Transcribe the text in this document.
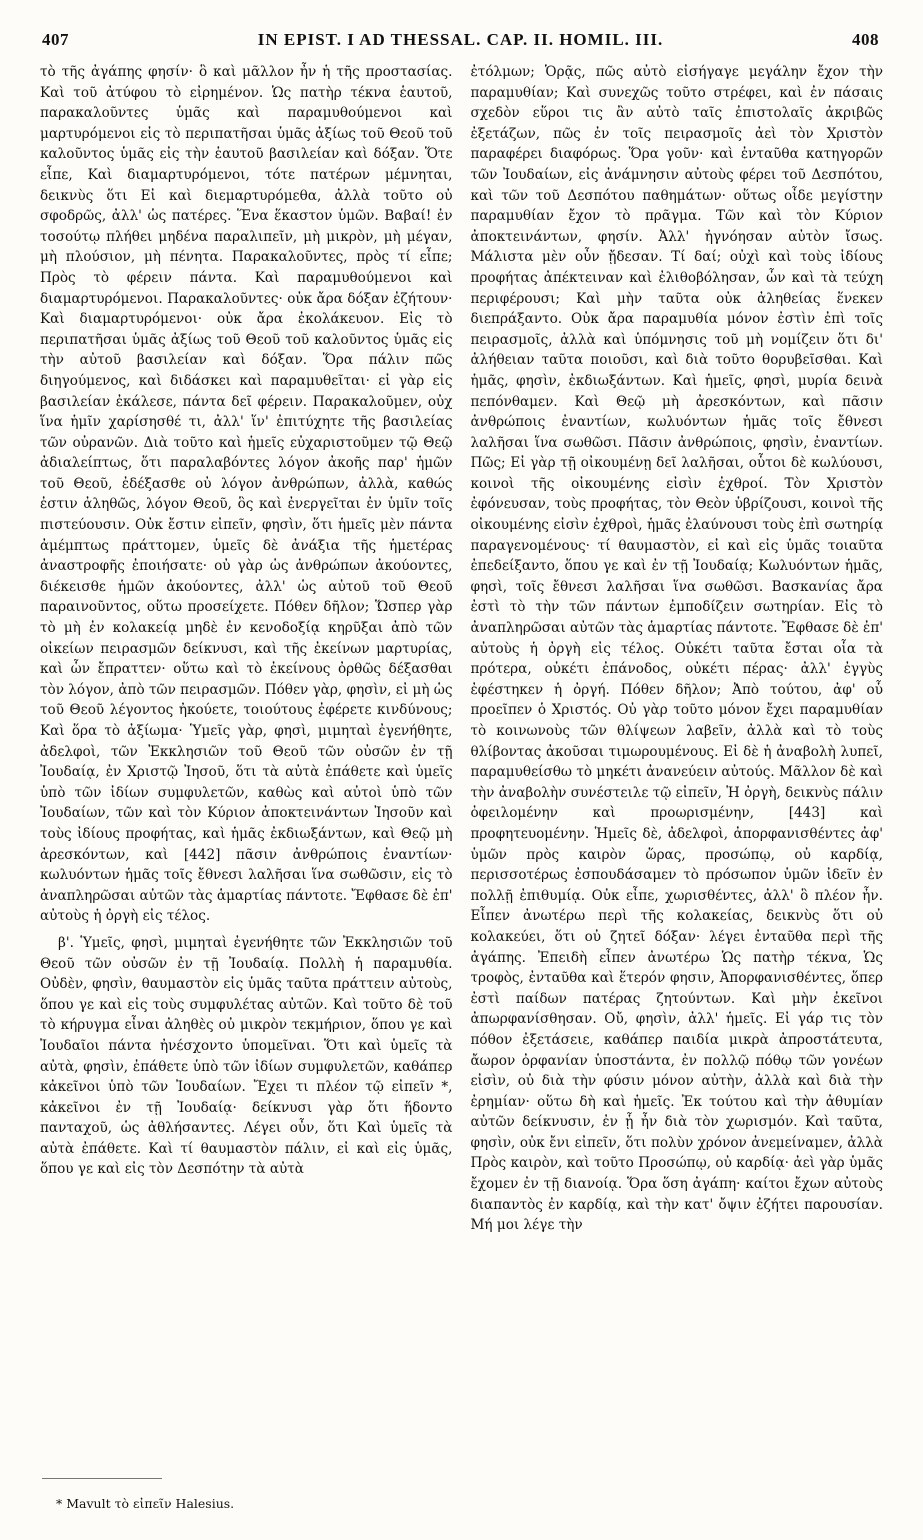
407	IN EPIST. I AD THESSAL. CAP. II. HOMIL. III.	408

τὸ τῆς ἀγάπης φησίν· ὃ καὶ μᾶλλον ἦν ἡ τῆς προστασίας. Καὶ τοῦ ἀτύφου τὸ εἰρημένον. Ὡς πατὴρ τέκνα ἑαυτοῦ, παρακαλοῦντες ὑμᾶς καὶ παραμυθούμενοι καὶ μαρτυρόμενοι εἰς τὸ περιπατῆσαι ὑμᾶς ἀξίως τοῦ Θεοῦ τοῦ καλοῦντος ὑμᾶς εἰς τὴν ἑαυτοῦ βασιλείαν καὶ δόξαν. Ὅτε εἶπε, Καὶ διαμαρτυρόμενοι, τότε πατέρων μέμνηται, δεικνὺς ὅτι Εἰ καὶ διεμαρτυρόμεθα, ἀλλὰ τοῦτο οὐ σφοδρῶς, ἀλλ' ὡς πατέρες. Ἕνα ἕκαστον ὑμῶν. Βαβαί! ἐν τοσούτῳ πλήθει μηδένα παραλιπεῖν, μὴ μικρὸν, μὴ μέγαν, μὴ πλούσιον, μὴ πένητα. Παρακαλοῦντες, πρὸς τί εἶπε; Πρὸς τὸ φέρειν πάντα. Καὶ παραμυθούμενοι καὶ διαμαρτυρόμενοι. Παρακαλοῦντες· οὐκ ἄρα δόξαν ἐζήτουν· Καὶ διαμαρτυρόμενοι· οὐκ ἄρα ἐκολάκευον. Εἰς τὸ περιπατῆσαι ὑμᾶς ἀξίως τοῦ Θεοῦ τοῦ καλοῦντος ὑμᾶς εἰς τὴν αὐτοῦ βασιλείαν καὶ δόξαν. Ὅρα πάλιν πῶς διηγούμενος, καὶ διδάσκει καὶ παραμυθεῖται· εἰ γὰρ εἰς βασιλείαν ἐκάλεσε, πάντα δεῖ φέρειν. Παρακαλοῦμεν, οὐχ ἵνα ἡμῖν χαρίσησθέ τι, ἀλλ' ἵν' ἐπιτύχητε τῆς βασιλείας τῶν οὐρανῶν. Διὰ τοῦτο καὶ ἡμεῖς εὐχαριστοῦμεν τῷ Θεῷ ἀδιαλείπτως, ὅτι παραλαβόντες λόγον ἀκοῆς παρ' ἡμῶν τοῦ Θεοῦ, ἐδέξασθε οὐ λόγον ἀνθρώπων, ἀλλὰ, καθώς ἐστιν ἀληθῶς, λόγον Θεοῦ, ὃς καὶ ἐνεργεῖται ἐν ὑμῖν τοῖς πιστεύουσιν. Οὐκ ἔστιν εἰπεῖν, φησὶν, ὅτι ἡμεῖς μὲν πάντα ἀμέμπτως πράττομεν, ὑμεῖς δὲ ἀνάξια τῆς ἡμετέρας ἀναστροφῆς ἐποιήσατε· οὐ γὰρ ὡς ἀνθρώπων ἀκούοντες, διέκεισθε ἡμῶν ἀκούοντες, ἀλλ' ὡς αὐτοῦ τοῦ Θεοῦ παραινοῦντος, οὕτω προσείχετε. Πόθεν δῆλον; Ὥσπερ γὰρ τὸ μὴ ἐν κολακείᾳ μηδὲ ἐν κενοδοξίᾳ κηρῦξαι ἀπὸ τῶν οἰκείων πειρασμῶν δείκνυσι, καὶ τῆς ἐκείνων μαρτυρίας, καὶ ὧν ἔπραττεν· οὕτω καὶ τὸ ἐκείνους ὀρθῶς δέξασθαι τὸν λόγον, ἀπὸ τῶν πειρασμῶν. Πόθεν γὰρ, φησὶν, εἰ μὴ ὡς τοῦ Θεοῦ λέγοντος ἠκούετε, τοιούτους ἐφέρετε κινδύνους; Καὶ ὅρα τὸ ἀξίωμα· Ὑμεῖς γὰρ, φησὶ, μιμηταὶ ἐγενήθητε, ἀδελφοὶ, τῶν Ἐκκλησιῶν τοῦ Θεοῦ τῶν οὐσῶν ἐν τῇ Ἰουδαίᾳ, ἐν Χριστῷ Ἰησοῦ, ὅτι τὰ αὐτὰ ἐπάθετε καὶ ὑμεῖς ὑπὸ τῶν ἰδίων συμφυλετῶν, καθὼς καὶ αὐτοὶ ὑπὸ τῶν Ἰουδαίων, τῶν καὶ τὸν Κύριον ἀποκτεινάντων Ἰησοῦν καὶ τοὺς ἰδίους προφήτας, καὶ ἡμᾶς ἐκδιωξάντων, καὶ Θεῷ μὴ ἀρεσκόντων, καὶ [442] πᾶσιν ἀνθρώποις ἐναντίων· κωλυόντων ἡμᾶς τοῖς ἔθνεσι λαλῆσαι ἵνα σωθῶσιν, εἰς τὸ ἀναπληρῶσαι αὐτῶν τὰς ἁμαρτίας πάντοτε. Ἔφθασε δὲ ἐπ' αὐτοὺς ἡ ὀργὴ εἰς τέλος.

β'. Ὑμεῖς, φησὶ, μιμηταὶ ἐγενήθητε τῶν Ἐκκλησιῶν τοῦ Θεοῦ τῶν οὐσῶν ἐν τῇ Ἰουδαίᾳ. Πολλὴ ἡ παραμυθία. Οὐδὲν, φησὶν, θαυμαστὸν εἰς ὑμᾶς ταῦτα πράττειν αὐτοὺς, ὅπου γε καὶ εἰς τοὺς συμφυλέτας αὐτῶν. Καὶ τοῦτο δὲ τοῦ τὸ κήρυγμα εἶναι ἀληθὲς οὐ μικρὸν τεκμήριον, ὅπου γε καὶ Ἰουδαῖοι πάντα ἠνέσχοντο ὑπομεῖναι. Ὅτι καὶ ὑμεῖς τὰ αὐτὰ, φησὶν, ἐπάθετε ὑπὸ τῶν ἰδίων συμφυλετῶν, καθάπερ κἀκεῖνοι ὑπὸ τῶν Ἰουδαίων. Ἔχει τι πλέον τῷ εἰπεῖν *, κἀκεῖνοι ἐν τῇ Ἰουδαίᾳ· δείκνυσι γὰρ ὅτι ἥδοντο πανταχοῦ, ὡς ἀθλήσαντες. Λέγει οὖν, ὅτι Καὶ ὑμεῖς τὰ αὐτὰ ἐπάθετε. Καὶ τί θαυμαστὸν πάλιν, εἰ καὶ εἰς ὑμᾶς, ὅπου γε καὶ εἰς τὸν Δεσπότην τὰ αὐτὰ

ἐτόλμων; Ὁρᾷς, πῶς αὐτὸ εἰσήγαγε μεγάλην ἔχον τὴν παραμυθίαν; Καὶ συνεχῶς τοῦτο στρέφει, καὶ ἐν πάσαις σχεδὸν εὕροι τις ἂν αὐτὸ ταῖς ἐπιστολαῖς ἀκριβῶς ἐξετάζων, πῶς ἐν τοῖς πειρασμοῖς ἀεὶ τὸν Χριστὸν παραφέρει διαφόρως. Ὅρα γοῦν· καὶ ἐνταῦθα κατηγορῶν τῶν Ἰουδαίων, εἰς ἀνάμνησιν αὐτοὺς φέρει τοῦ Δεσπότου, καὶ τῶν τοῦ Δεσπότου παθημάτων· οὕτως οἶδε μεγίστην παραμυθίαν ἔχον τὸ πρᾶγμα. Τῶν καὶ τὸν Κύριον ἀποκτεινάντων, φησίν. Ἀλλ' ἠγνόησαν αὐτὸν ἴσως. Μάλιστα μὲν οὖν ᾔδεσαν. Τί δαί; οὐχὶ καὶ τοὺς ἰδίους προφήτας ἀπέκτειναν καὶ ἐλιθοβόλησαν, ὧν καὶ τὰ τεύχη περιφέρουσι; Καὶ μὴν ταῦτα οὐκ ἀληθείας ἕνεκεν διεπράξαντο. Οὐκ ἄρα παραμυθία μόνον ἐστὶν ἐπὶ τοῖς πειρασμοῖς, ἀλλὰ καὶ ὑπόμνησις τοῦ μὴ νομίζειν ὅτι δι' ἀλήθειαν ταῦτα ποιοῦσι, καὶ διὰ τοῦτο θορυβεῖσθαι. Καὶ ἡμᾶς, φησὶν, ἐκδιωξάντων. Καὶ ἡμεῖς, φησὶ, μυρία δεινὰ πεπόνθαμεν. Καὶ Θεῷ μὴ ἀρεσκόντων, καὶ πᾶσιν ἀνθρώποις ἐναντίων, κωλυόντων ἡμᾶς τοῖς ἔθνεσι λαλῆσαι ἵνα σωθῶσι. Πᾶσιν ἀνθρώποις, φησὶν, ἐναντίων. Πῶς; Εἰ γὰρ τῇ οἰκουμένῃ δεῖ λαλῆσαι, οὗτοι δὲ κωλύουσι, κοινοὶ τῆς οἰκουμένης εἰσὶν ἐχθροί. Τὸν Χριστὸν ἐφόνευσαν, τοὺς προφήτας, τὸν Θεὸν ὑβρίζουσι, κοινοὶ τῆς οἰκουμένης εἰσὶν ἐχθροὶ, ἡμᾶς ἐλαύνουσι τοὺς ἐπὶ σωτηρίᾳ παραγενομένους· τί θαυμαστὸν, εἰ καὶ εἰς ὑμᾶς τοιαῦτα ἐπεδείξαντο, ὅπου γε καὶ ἐν τῇ Ἰουδαίᾳ; Κωλυόντων ἡμᾶς, φησὶ, τοῖς ἔθνεσι λαλῆσαι ἵνα σωθῶσι. Βασκανίας ἄρα ἐστὶ τὸ τὴν τῶν πάντων ἐμποδίζειν σωτηρίαν. Εἰς τὸ ἀναπληρῶσαι αὐτῶν τὰς ἁμαρτίας πάντοτε. Ἔφθασε δὲ ἐπ' αὐτοὺς ἡ ὀργὴ εἰς τέλος. Οὐκέτι ταῦτα ἔσται οἷα τὰ πρότερα, οὐκέτι ἐπάνοδος, οὐκέτι πέρας· ἀλλ' ἐγγὺς ἐφέστηκεν ἡ ὀργή. Πόθεν δῆλον; Ἀπὸ τούτου, ἀφ' οὗ προεῖπεν ὁ Χριστός. Οὐ γὰρ τοῦτο μόνον ἔχει παραμυθίαν τὸ κοινωνοὺς τῶν θλίψεων λαβεῖν, ἀλλὰ καὶ τὸ τοὺς θλίβοντας ἀκοῦσαι τιμωρουμένους. Εἰ δὲ ἡ ἀναβολὴ λυπεῖ, παραμυθείσθω τὸ μηκέτι ἀνανεύειν αὐτούς. Μᾶλλον δὲ καὶ τὴν ἀναβολὴν συνέστειλε τῷ εἰπεῖν, Ἡ ὀργὴ, δεικνὺς πάλιν ὀφειλομένην καὶ προωρισμένην, [443] καὶ προφητευομένην. Ἡμεῖς δὲ, ἀδελφοὶ, ἀπορφανισθέντες ἀφ' ὑμῶν πρὸς καιρὸν ὥρας, προσώπῳ, οὐ καρδίᾳ, περισσοτέρως ἐσπουδάσαμεν τὸ πρόσωπον ὑμῶν ἰδεῖν ἐν πολλῇ ἐπιθυμίᾳ. Οὐκ εἶπε, χωρισθέντες, ἀλλ' ὃ πλέον ἦν. Εἶπεν ἀνωτέρω περὶ τῆς κολακείας, δεικνὺς ὅτι οὐ κολακεύει, ὅτι οὐ ζητεῖ δόξαν· λέγει ἐνταῦθα περὶ τῆς ἀγάπης. Ἐπειδὴ εἶπεν ἀνωτέρω Ὡς πατὴρ τέκνα, Ὡς τροφὸς, ἐνταῦθα καὶ ἕτερόν φησιν, Ἀπορφανισθέντες, ὅπερ ἐστὶ παίδων πατέρας ζητούντων. Καὶ μὴν ἐκεῖνοι ἀπωρφανίσθησαν. Οὔ, φησὶν, ἀλλ' ἡμεῖς. Εἰ γάρ τις τὸν πόθον ἐξετάσειε, καθάπερ παιδία μικρὰ ἀπροστάτευτα, ἄωρον ὀρφανίαν ὑποστάντα, ἐν πολλῷ πόθῳ τῶν γονέων εἰσὶν, οὐ διὰ τὴν φύσιν μόνον αὐτὴν, ἀλλὰ καὶ διὰ τὴν ἐρημίαν· οὕτω δὴ καὶ ἡμεῖς. Ἐκ τούτου καὶ τὴν ἀθυμίαν αὐτῶν δείκνυσιν, ἐν ᾗ ἦν διὰ τὸν χωρισμόν. Καὶ ταῦτα, φησὶν, οὐκ ἔνι εἰπεῖν, ὅτι πολὺν χρόνον ἀνεμείναμεν, ἀλλὰ Πρὸς καιρὸν, καὶ τοῦτο Προσώπῳ, οὐ καρδίᾳ· ἀεὶ γὰρ ὑμᾶς ἔχομεν ἐν τῇ διανοίᾳ. Ὅρα ὅση ἀγάπη· καίτοι ἔχων αὐτοὺς διαπαντὸς ἐν καρδίᾳ, καὶ τὴν κατ' ὄψιν ἐζήτει παρουσίαν. Μή μοι λέγε τὴν

* Mavult τὸ εἰπεῖν Halesius.
